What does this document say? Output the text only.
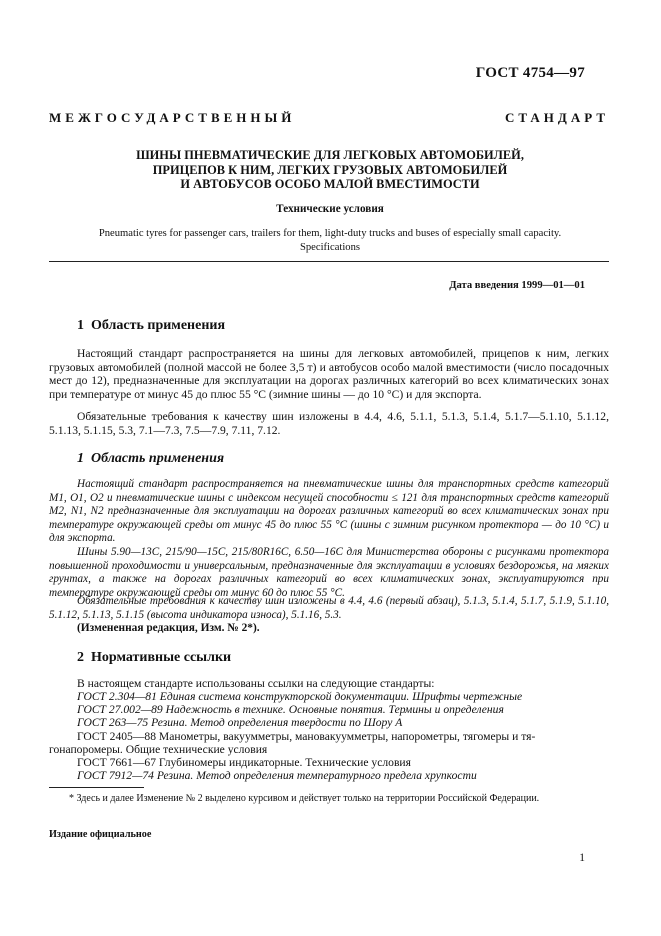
ГОСТ 4754—97
МЕЖГОСУДАРСТВЕННЫЙ СТАНДАРТ
ШИНЫ ПНЕВМАТИЧЕСКИЕ ДЛЯ ЛЕГКОВЫХ АВТОМОБИЛЕЙ,
ПРИЦЕПОВ К НИМ, ЛЕГКИХ ГРУЗОВЫХ АВТОМОБИЛЕЙ
И АВТОБУСОВ ОСОБО МАЛОЙ ВМЕСТИМОСТИ
Технические условия
Pneumatic tyres for passenger cars, trailers for them, light-duty trucks and buses of especially small capacity.
Specifications
Дата введения 1999—01—01
1 Область применения
Настоящий стандарт распространяется на шины для легковых автомобилей, прицепов к ним, легких грузовых автомобилей (полной массой не более 3,5 т) и автобусов особо малой вместимости (число посадочных мест до 12), предназначенные для эксплуатации на дорогах различных категорий во всех климатических зонах при температуре от минус 45 до плюс 55 °С (зимние шины — до 10 °С) и для экспорта.
Обязательные требования к качеству шин изложены в 4.4, 4.6, 5.1.1, 5.1.3, 5.1.4, 5.1.7—5.1.10, 5.1.12, 5.1.13, 5.1.15, 5.3, 7.1—7.3, 7.5—7.9, 7.11, 7.12.
1 Область применения
Настоящий стандарт распространяется на пневматические шины для транспортных средств категорий М1, О1, О2 и пневматические шины с индексом несущей способности ≤ 121 для транспортных средств категорий М2, N1, N2 предназначенные для эксплуатации на дорогах различных категорий во всех климатических зонах при температуре окружающей среды от минус 45 до плюс 55 °С (шины с зимним рисунком протектора — до 10 °С) и для экспорта.
Шины 5.90—13С, 215/90—15С, 215/80R16С, 6.50—16С для Министерства обороны с рисунками протектора повышенной проходимости и универсальным, предназначенные для эксплуатации в условиях бездорожья, на мягких грунтах, а также на дорогах различных категорий во всех климатических зонах, эксплуатируются при температуре окружающей среды от минус 60 до плюс 55 °С.
Обязательные требования к качеству шин изложены в 4.4, 4.6 (первый абзац), 5.1.3, 5.1.4, 5.1.7, 5.1.9, 5.1.10, 5.1.12, 5.1.13, 5.1.15 (высота индикатора износа), 5.1.16, 5.3.
(Измененная редакция, Изм. № 2*).
2 Нормативные ссылки
В настоящем стандарте использованы ссылки на следующие стандарты:
ГОСТ 2.304—81 Единая система конструкторской документации. Шрифты чертежные
ГОСТ 27.002—89 Надежность в технике. Основные понятия. Термины и определения
ГОСТ 263—75 Резина. Метод определения твердости по Шору А
ГОСТ 2405—88 Манометры, вакуумметры, мановакуумметры, напорометры, тягомеры и тя-
гонапоромеры. Общие технические условия
ГОСТ 7661—67 Глубиномеры индикаторные. Технические условия
ГОСТ 7912—74 Резина. Метод определения температурного предела хрупкости
* Здесь и далее Изменение № 2 выделено курсивом и действует только на территории Российской Федерации.
Издание официальное
1
